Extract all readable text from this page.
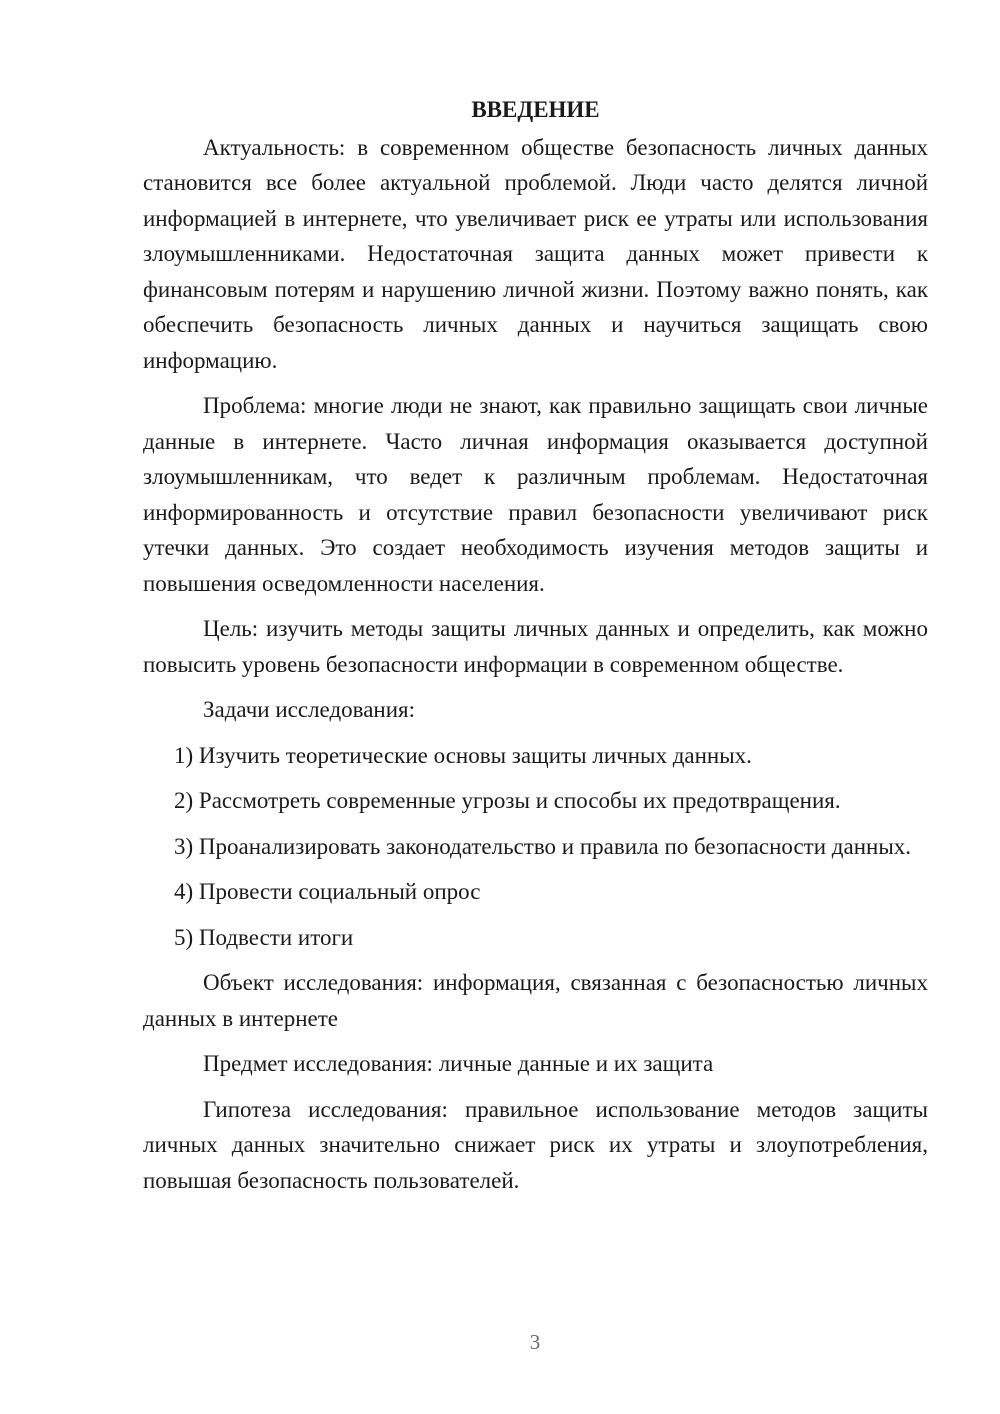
ВВЕДЕНИЕ

Актуальность: в современном обществе безопасность личных данных становится все более актуальной проблемой. Люди часто делятся личной информацией в интернете, что увеличивает риск ее утраты или использования злоумышленниками. Недостаточная защита данных может привести к финансовым потерям и нарушению личной жизни. Поэтому важно понять, как обеспечить безопасность личных данных и научиться защищать свою информацию.

Проблема: многие люди не знают, как правильно защищать свои личные данные в интернете. Часто личная информация оказывается доступной злоумышленникам, что ведет к различным проблемам. Недостаточная информированность и отсутствие правил безопасности увеличивают риск утечки данных. Это создает необходимость изучения методов защиты и повышения осведомленности населения.

Цель: изучить методы защиты личных данных и определить, как можно повысить уровень безопасности информации в современном обществе.

Задачи исследования:

1) Изучить теоретические основы защиты личных данных.

2) Рассмотреть современные угрозы и способы их предотвращения.

3) Проанализировать законодательство и правила по безопасности данных.

4) Провести социальный опрос

5) Подвести итоги

Объект исследования: информация, связанная с безопасностью личных данных в интернете

Предмет исследования: личные данные и их защита

Гипотеза исследования: правильное использование методов защиты личных данных значительно снижает риск их утраты и злоупотребления, повышая безопасность пользователей.

3
